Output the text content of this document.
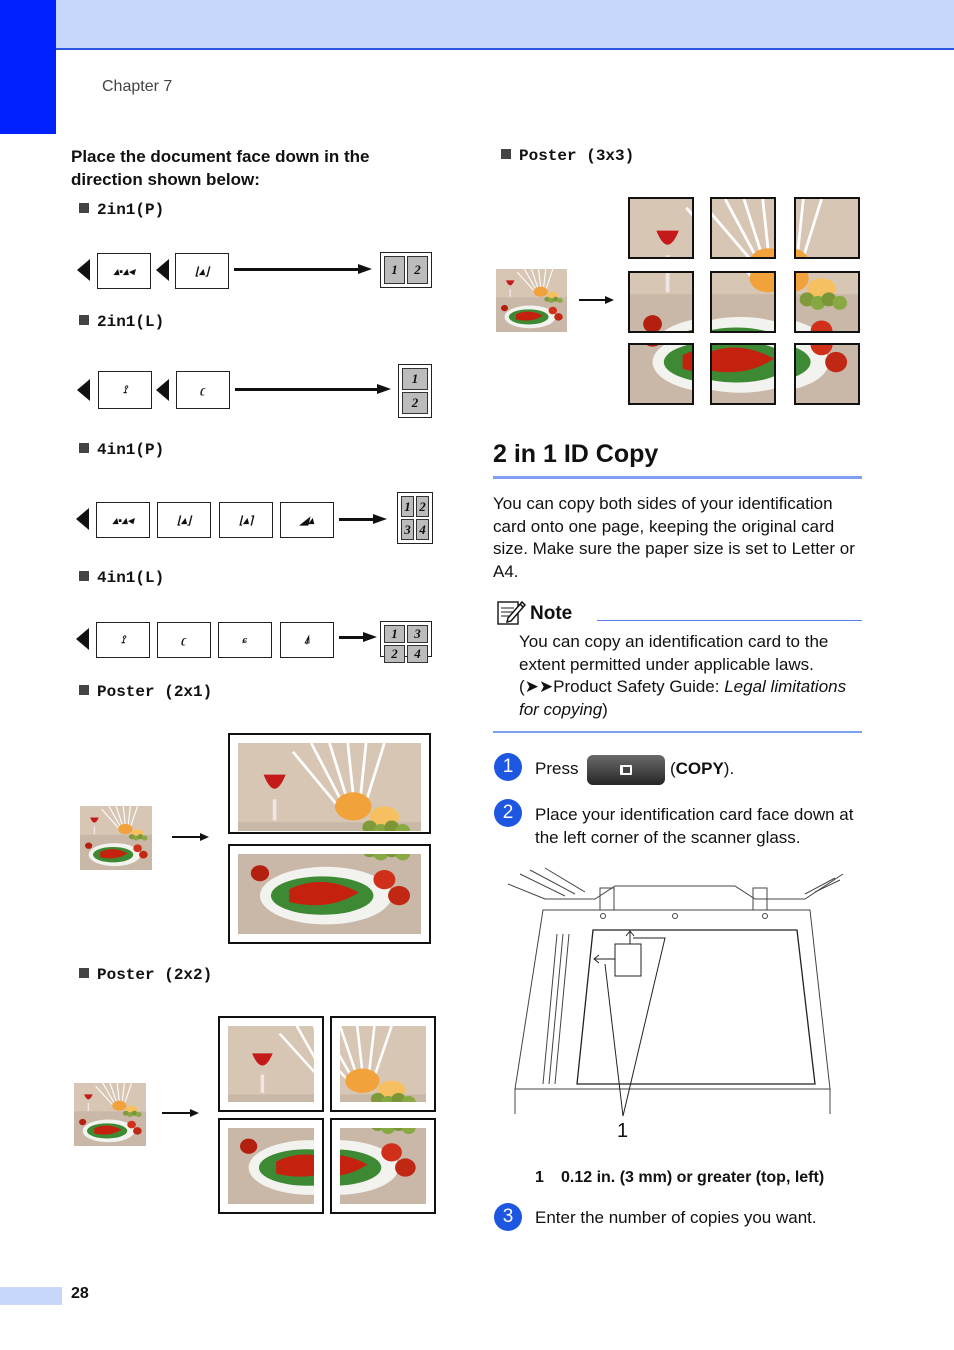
Chapter 7
Place the document face down in the direction shown below:
2in1(P)
▴▪▴◂	⌊▴⌋	1	2
2in1(L)
⟟	ʗ
1
2
4in1(P)
▴▪▴◂	⌊▴⌋	⌊▴⌉	◢▴
1 2
3 4
4in1(L)
⟟	ʗ	ɕ	⍋	1	3
2	4
Poster (2x1)
Poster (2x2)
Poster (3x3)
2 in 1 ID Copy
You can copy both sides of your identification card onto one page, keeping the original card size. Make sure the paper size is set to Letter or A4.
Note
You can copy an identification card to the extent permitted under applicable laws. (➤➤Product Safety Guide: Legal limitations for copying)
1	Press	(COPY).
2	Place your identification card face down at the left corner of the scanner glass.
1
1 0.12 in. (3 mm) or greater (top, left)
3	Enter the number of copies you want.
28
